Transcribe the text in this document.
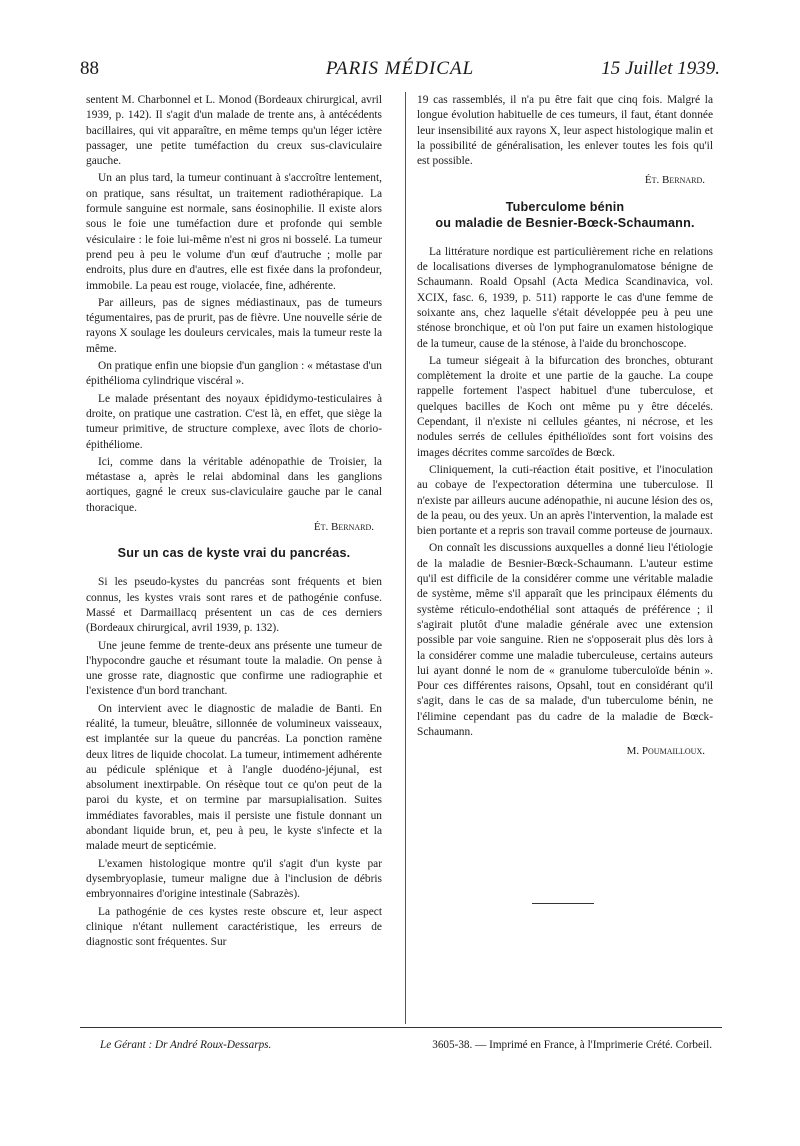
88	PARIS MÉDICAL	15 Juillet 1939.

sentent M. Charbonnel et L. Monod (Bordeaux chirurgical, avril 1939, p. 142). Il s'agit d'un malade de trente ans, à antécédents bacillaires, qui vit apparaître, en même temps qu'un léger ictère passager, une petite tuméfaction du creux sus-claviculaire gauche.

Un an plus tard, la tumeur continuant à s'accroître lentement, on pratique, sans résultat, un traitement radiothérapique. La formule sanguine est normale, sans éosinophilie. Il existe alors sous le foie une tuméfaction dure et profonde qui semble vésiculaire : le foie lui-même n'est ni gros ni bosselé. La tumeur prend peu à peu le volume d'un œuf d'autruche ; molle par endroits, plus dure en d'autres, elle est fixée dans la profondeur, immobile. La peau est rouge, violacée, fine, adhérente.

Par ailleurs, pas de signes médiastinaux, pas de tumeurs tégumentaires, pas de prurit, pas de fièvre. Une nouvelle série de rayons X soulage les douleurs cervicales, mais la tumeur reste la même.

On pratique enfin une biopsie d'un ganglion : « métastase d'un épithélioma cylindrique viscéral ».

Le malade présentant des noyaux épididymo-testiculaires à droite, on pratique une castration. C'est là, en effet, que siège la tumeur primitive, de structure complexe, avec îlots de chorio-épithéliome.

Ici, comme dans la véritable adénopathie de Troisier, la métastase a, après le relai abdominal dans les ganglions aortiques, gagné le creux sus-claviculaire gauche par le canal thoracique.

Ét. Bernard.
Sur un cas de kyste vrai du pancréas.

Si les pseudo-kystes du pancréas sont fréquents et bien connus, les kystes vrais sont rares et de pathogénie confuse. Massé et Darmaillacq présentent un cas de ces derniers (Bordeaux chirurgical, avril 1939, p. 132).

Une jeune femme de trente-deux ans présente une tumeur de l'hypocondre gauche et résumant toute la maladie. On pense à une grosse rate, diagnostic que confirme une radiographie et l'existence d'un bord tranchant.

On intervient avec le diagnostic de maladie de Banti. En réalité, la tumeur, bleuâtre, sillonnée de volumineux vaisseaux, est implantée sur la queue du pancréas. La ponction ramène deux litres de liquide chocolat. La tumeur, intimement adhérente au pédicule splénique et à l'angle duodéno-jéjunal, est absolument inextirpable. On résèque tout ce qu'on peut de la paroi du kyste, et on termine par marsupialisation. Suites immédiates favorables, mais il persiste une fistule donnant un abondant liquide brun, et, peu à peu, le kyste s'infecte et la malade meurt de septicémie.

L'examen histologique montre qu'il s'agit d'un kyste par dysembryoplasie, tumeur maligne due à l'inclusion de débris embryonnaires d'origine intestinale (Sabrazès).

La pathogénie de ces kystes reste obscure et, leur aspect clinique n'étant nullement caractéristique, les erreurs de diagnostic sont fréquentes. Sur

19 cas rassemblés, il n'a pu être fait que cinq fois. Malgré la longue évolution habituelle de ces tumeurs, il faut, étant donnée leur insensibilité aux rayons X, leur aspect histologique malin et la possibilité de généralisation, les enlever toutes les fois qu'il est possible.

Ét. Bernard.
Tuberculome bénin
ou maladie de Besnier-Bœck-Schaumann.

La littérature nordique est particulièrement riche en relations de localisations diverses de lymphogranulomatose bénigne de Schaumann. Roald Opsahl (Acta Medica Scandinavica, vol. XCIX, fasc. 6, 1939, p. 511) rapporte le cas d'une femme de soixante ans, chez laquelle s'était développée peu à peu une sténose bronchique, et où l'on put faire un examen histologique de la tumeur, cause de la sténose, à l'aide du bronchoscope.

La tumeur siégeait à la bifurcation des bronches, obturant complètement la droite et une partie de la gauche. La coupe rappelle fortement l'aspect habituel d'une tuberculose, et quelques bacilles de Koch ont même pu y être décelés. Cependant, il n'existe ni cellules géantes, ni nécrose, et les nodules serrés de cellules épithélioïdes sont fort voisins des images décrites comme sarcoïdes de Bœck.

Cliniquement, la cuti-réaction était positive, et l'inoculation au cobaye de l'expectoration détermina une tuberculose. Il n'existe par ailleurs aucune adénopathie, ni aucune lésion des os, de la peau, ou des yeux. Un an après l'intervention, la malade est bien portante et a repris son travail comme porteuse de journaux.

On connaît les discussions auxquelles a donné lieu l'étiologie de la maladie de Besnier-Bœck-Schaumann. L'auteur estime qu'il est difficile de la considérer comme une véritable maladie de système, même s'il apparaît que les principaux éléments du système réticulo-endothélial sont attaqués de préférence ; il s'agirait plutôt d'une maladie générale avec une extension possible par voie sanguine. Rien ne s'opposerait plus dès lors à la considérer comme une maladie tuberculeuse, certains auteurs lui ayant donné le nom de « granulome tuberculoïde bénin ». Pour ces différentes raisons, Opsahl, tout en considérant qu'il s'agit, dans le cas de sa malade, d'un tuberculome bénin, ne l'élimine cependant pas du cadre de la maladie de Bœck-Schaumann.

M. Poumailloux.
Le Gérant : Dr André Roux-Dessarps.	3605-38. — Imprimé en France, à l'Imprimerie Crété. Corbeil.
